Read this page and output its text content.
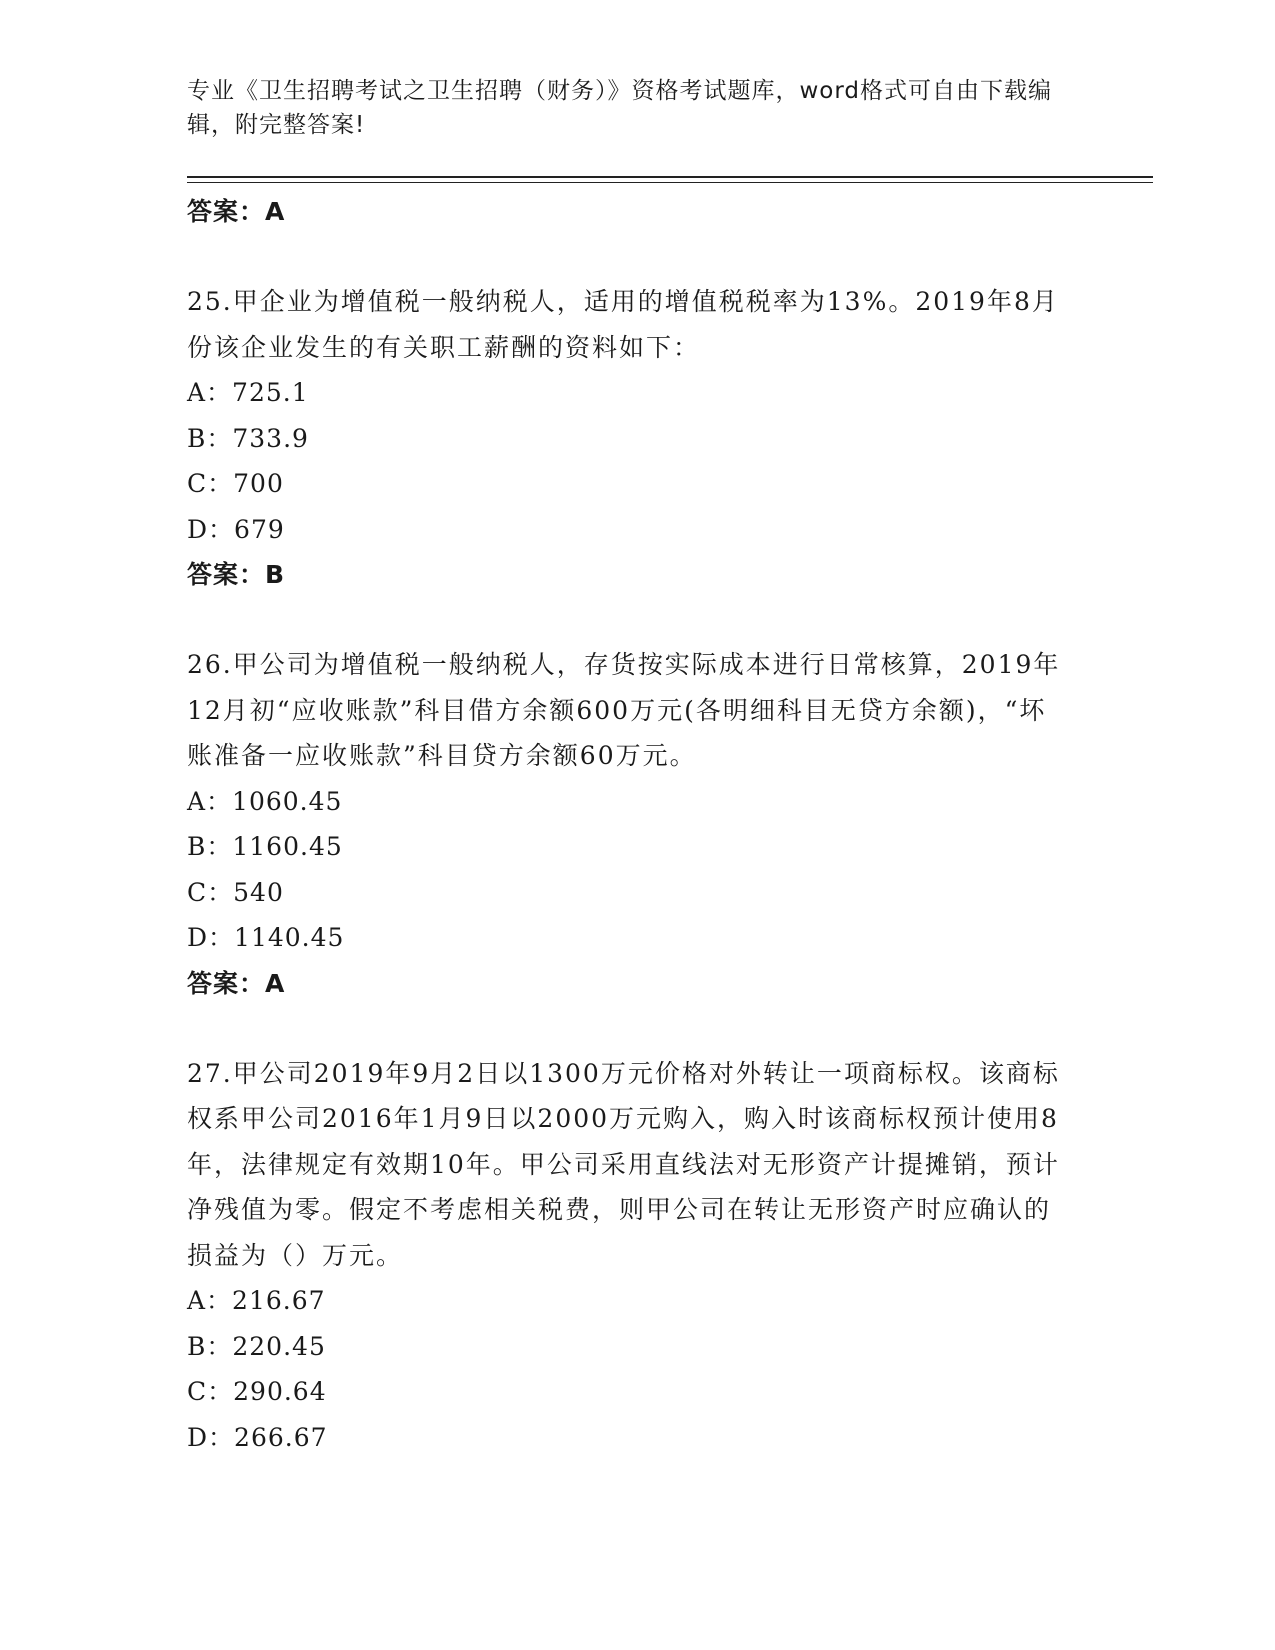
专业《卫生招聘考试之卫生招聘（财务）》资格考试题库，word格式可自由下载编辑，附完整答案!
答案：A
25.甲企业为增值税一般纳税人，适用的增值税税率为13%。2019年8月份该企业发生的有关职工薪酬的资料如下：
A：725.1
B：733.9
C：700
D：679
答案：B
26.甲公司为增值税一般纳税人，存货按实际成本进行日常核算，2019年12月初“应收账款”科目借方余额600万元(各明细科目无贷方余额)，“坏账准备一应收账款”科目贷方余额60万元。
A：1060.45
B：1160.45
C：540
D：1140.45
答案：A
27.甲公司2019年9月2日以1300万元价格对外转让一项商标权。该商标权系甲公司2016年1月9日以2000万元购入，购入时该商标权预计使用8年，法律规定有效期10年。甲公司采用直线法对无形资产计提摊销，预计净残值为零。假定不考虑相关税费，则甲公司在转让无形资产时应确认的损益为（）万元。
A：216.67
B：220.45
C：290.64
D：266.67
